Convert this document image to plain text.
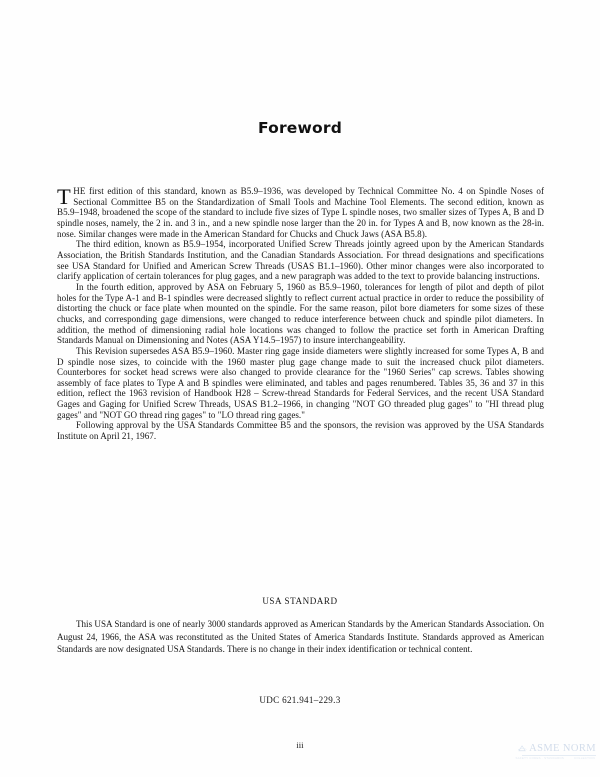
Foreword

THE first edition of this standard, known as B5.9–1936, was developed by Technical Committee No. 4 on Spindle Noses of Sectional Committee B5 on the Standardization of Small Tools and Machine Tool Elements. The second edition, known as B5.9–1948, broadened the scope of the standard to include five sizes of Type L spindle noses, two smaller sizes of Types A, B and D spindle noses, namely, the 2 in. and 3 in., and a new spindle nose larger than the 20 in. for Types A and B, now known as the 28-in. nose. Similar changes were made in the American Standard for Chucks and Chuck Jaws (ASA B5.8).

The third edition, known as B5.9–1954, incorporated Unified Screw Threads jointly agreed upon by the American Standards Association, the British Standards Institution, and the Canadian Standards Association. For thread designations and specifications see USA Standard for Unified and American Screw Threads (USAS B1.1–1960). Other minor changes were also incorporated to clarify application of certain tolerances for plug gages, and a new paragraph was added to the text to provide balancing instructions.

In the fourth edition, approved by ASA on February 5, 1960 as B5.9–1960, tolerances for length of pilot and depth of pilot holes for the Type A-1 and B-1 spindles were decreased slightly to reflect current actual practice in order to reduce the possibility of distorting the chuck or face plate when mounted on the spindle. For the same reason, pilot bore diameters for some sizes of these chucks, and corresponding gage dimensions, were changed to reduce interference between chuck and spindle pilot diameters. In addition, the method of dimensioning radial hole locations was changed to follow the practice set forth in American Drafting Standards Manual on Dimensioning and Notes (ASA Y14.5–1957) to insure interchangeability.

This Revision supersedes ASA B5.9–1960. Master ring gage inside diameters were slightly increased for some Types A, B and D spindle nose sizes, to coincide with the 1960 master plug gage change made to suit the increased chuck pilot diameters. Counterbores for socket head screws were also changed to provide clearance for the "1960 Series" cap screws. Tables showing assembly of face plates to Type A and B spindles were eliminated, and tables and pages renumbered. Tables 35, 36 and 37 in this edition, reflect the 1963 revision of Handbook H28 – Screw-thread Standards for Federal Services, and the recent USA Standard Gages and Gaging for Unified Screw Threads, USAS B1.2–1966, in changing "NOT GO threaded plug gages" to "HI thread plug gages" and "NOT GO thread ring gages" to "LO thread ring gages."

Following approval by the USA Standards Committee B5 and the sponsors, the revision was approved by the USA Standards Institute on April 21, 1967.

USA STANDARD

This USA Standard is one of nearly 3000 standards approved as American Standards by the American Standards Association. On August 24, 1966, the ASA was reconstituted as the United States of America Standards Institute. Standards approved as American Standards are now designated USA Standards. There is no change in their index identification or technical content.

UDC 621.941–229.3
iii	ASME NORM
SAFETY CODES · STANDARDS	COLLECTION
